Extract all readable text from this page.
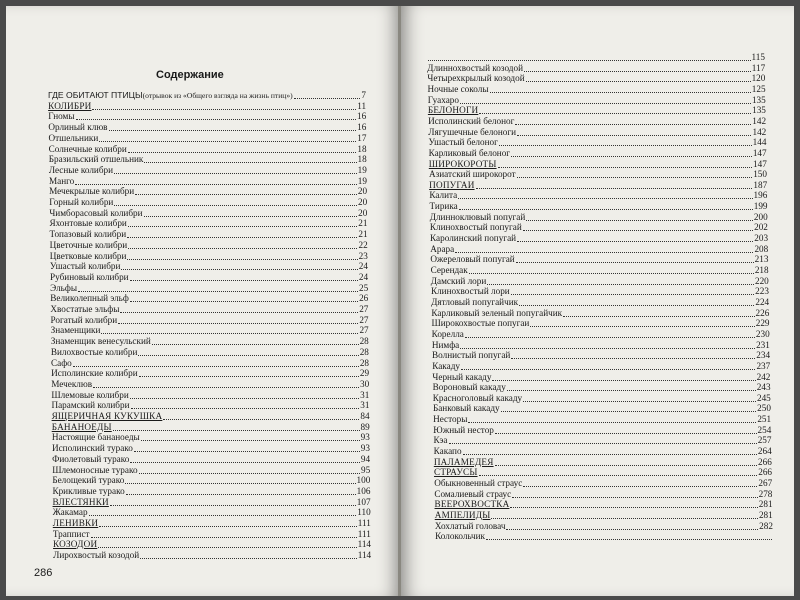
Содержание
ГДЕ ОБИТАЮТ ПТИЦЫ (отрывок из «Общего взгляда на жизнь птиц»)	7
КОЛИБРИ	11
Гномы	16
Орлиный клюв	16
Отшельники	17
Солнечные колибри	18
Бразильский отшельник	18
Лесные колибри	19
Манго	19
Мечекрылые колибри	20
Горный колибри	20
Чимборасовый колибри	20
Яхонтовые колибри	21
Топазовый колибри	21
Цветочные колибри	22
Цветковые колибри	23
Ушастый колибри	24
Рубиновый колибри	24
Эльфы	25
Великолепный эльф	26
Хвостатые эльфы	27
Рогатый колибри	27
Знаменщики	27
Знаменщик венесульский	28
Вилохвостые колибри	28
Сафо	28
Исполинские колибри	29
Мечеклюв	30
Шлемовые колибри	31
Парамский колибри	31
ЯЩЕРИЧНАЯ КУКУШКА	84
БАНАНОЕДЫ	89
Настоящие бананоеды	93
Исполинский турако	93
Фиолетовый турако	94
Шлемоносные турако	95
Белощекий турако	100
Крикливые турако	106
ВЛЕСТЯНКИ	107
Жакамар	110
ЛЕНИВКИ	111
Траппист	111
КОЗОДОИ	114
Лирохвостый козодой	114
286
115
Длиннохвостый козодой	117
Четырехкрылый козодой	120
Ночные соколы	125
Гуахаро	135
БЕЛОНОГИ	135
Исполинский белоног	142
Лягушечные белоноги	142
Ушастый белоног	144
Карликовый белоног	147
ШИРОКОРОТЫ	147
Азиатский широкорот	150
ПОПУГАИ	187
Калита	196
Тирика	199
Длинноклювый попугай	200
Клинохвостый попугай	202
Каролинский попугай	203
Арара	208
Ожереловый попугай	213
Серендак	218
Дамский лори	220
Клинохвостый лори	223
Дятловый попугайчик	224
Карликовый зеленый попугайчик	226
Широкохвостые попугаи	229
Корелла	230
Нимфа	231
Волнистый попугай	234
Какаду	237
Черный какаду	242
Вороновый какаду	243
Красноголовый какаду	245
Банковый какаду	250
Несторы	251
Южный нестор	254
Кэа	257
Какапо	264
ПАЛАМЕДЕЯ	266
СТРАУСЫ	266
Обыкновенный страус	267
Сомалиевый страус	278
ВЕЕРОХВОСТКА	281
АМПЕЛИДЫ	281
Хохлатый головач	282
Колокольчик
